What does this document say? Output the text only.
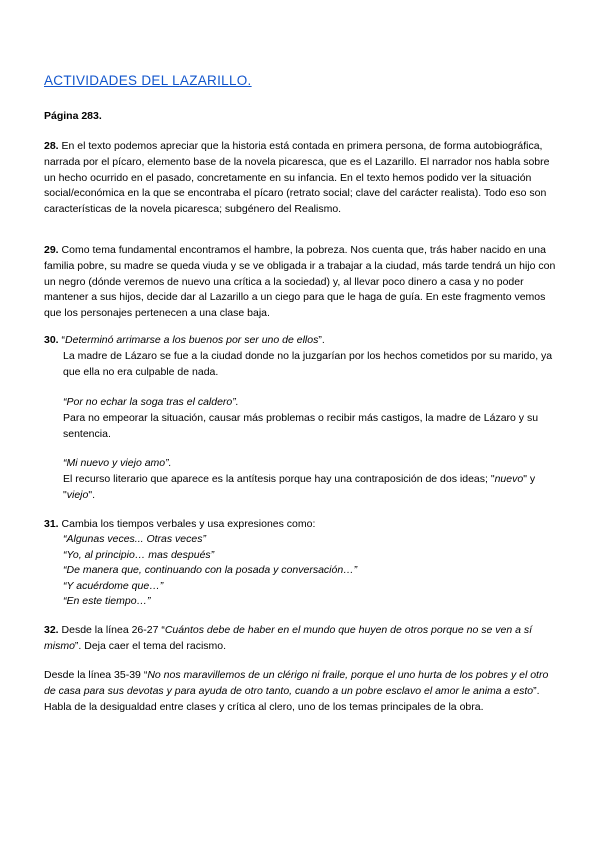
ACTIVIDADES DEL LAZARILLO.

Página 283.

28. En el texto podemos apreciar que la historia está contada en primera persona, de forma autobiográfica, narrada por el pícaro, elemento base de la novela picaresca, que es el Lazarillo. El narrador nos habla sobre un hecho ocurrido en el pasado, concretamente en su infancia. En el texto hemos podido ver la situación social/económica en la que se encontraba el pícaro (retrato social; clave del carácter realista). Todo eso son características de la novela picaresca; subgénero del Realismo.

29. Como tema fundamental encontramos el hambre, la pobreza. Nos cuenta que, trás haber nacido en una familia pobre, su madre se queda viuda y se ve obligada ir a trabajar a la ciudad, más tarde tendrá un hijo con un negro (dónde veremos de nuevo una crítica a la sociedad) y, al llevar poco dinero a casa y no poder mantener a sus hijos, decide dar al Lazarillo a un ciego para que le haga de guía. En este fragmento vemos que los personajes pertenecen a una clase baja.

30. “Determinó arrimarse a los buenos por ser uno de ellos”.

La madre de Lázaro se fue a la ciudad donde no la juzgarían por los hechos cometidos por su marido, ya que ella no era culpable de nada.

“Por no echar la soga tras el caldero”.

Para no empeorar la situación, causar más problemas o recibir más castigos, la madre de Lázaro y su sentencia.

“Mi nuevo y viejo amo”.

El recurso literario que aparece es la antítesis porque hay una contraposición de dos ideas; "nuevo" y "viejo".

31. Cambia los tiempos verbales y usa expresiones como:

“Algunas veces... Otras veces”

“Yo, al principio… mas después”

“De manera que, continuando con la posada y conversación…”

“Y acuérdome que…”

“En este tiempo…”

32. Desde la línea 26-27 “Cuántos debe de haber en el mundo que huyen de otros porque no se ven a sí mismo”. Deja caer el tema del racismo.

Desde la línea 35-39 “No nos maravillemos de un clérigo ni fraile, porque el uno hurta de los pobres y el otro de casa para sus devotas y para ayuda de otro tanto, cuando a un pobre esclavo el amor le anima a esto”. Habla de la desigualdad entre clases y crítica al clero, uno de los temas principales de la obra.
